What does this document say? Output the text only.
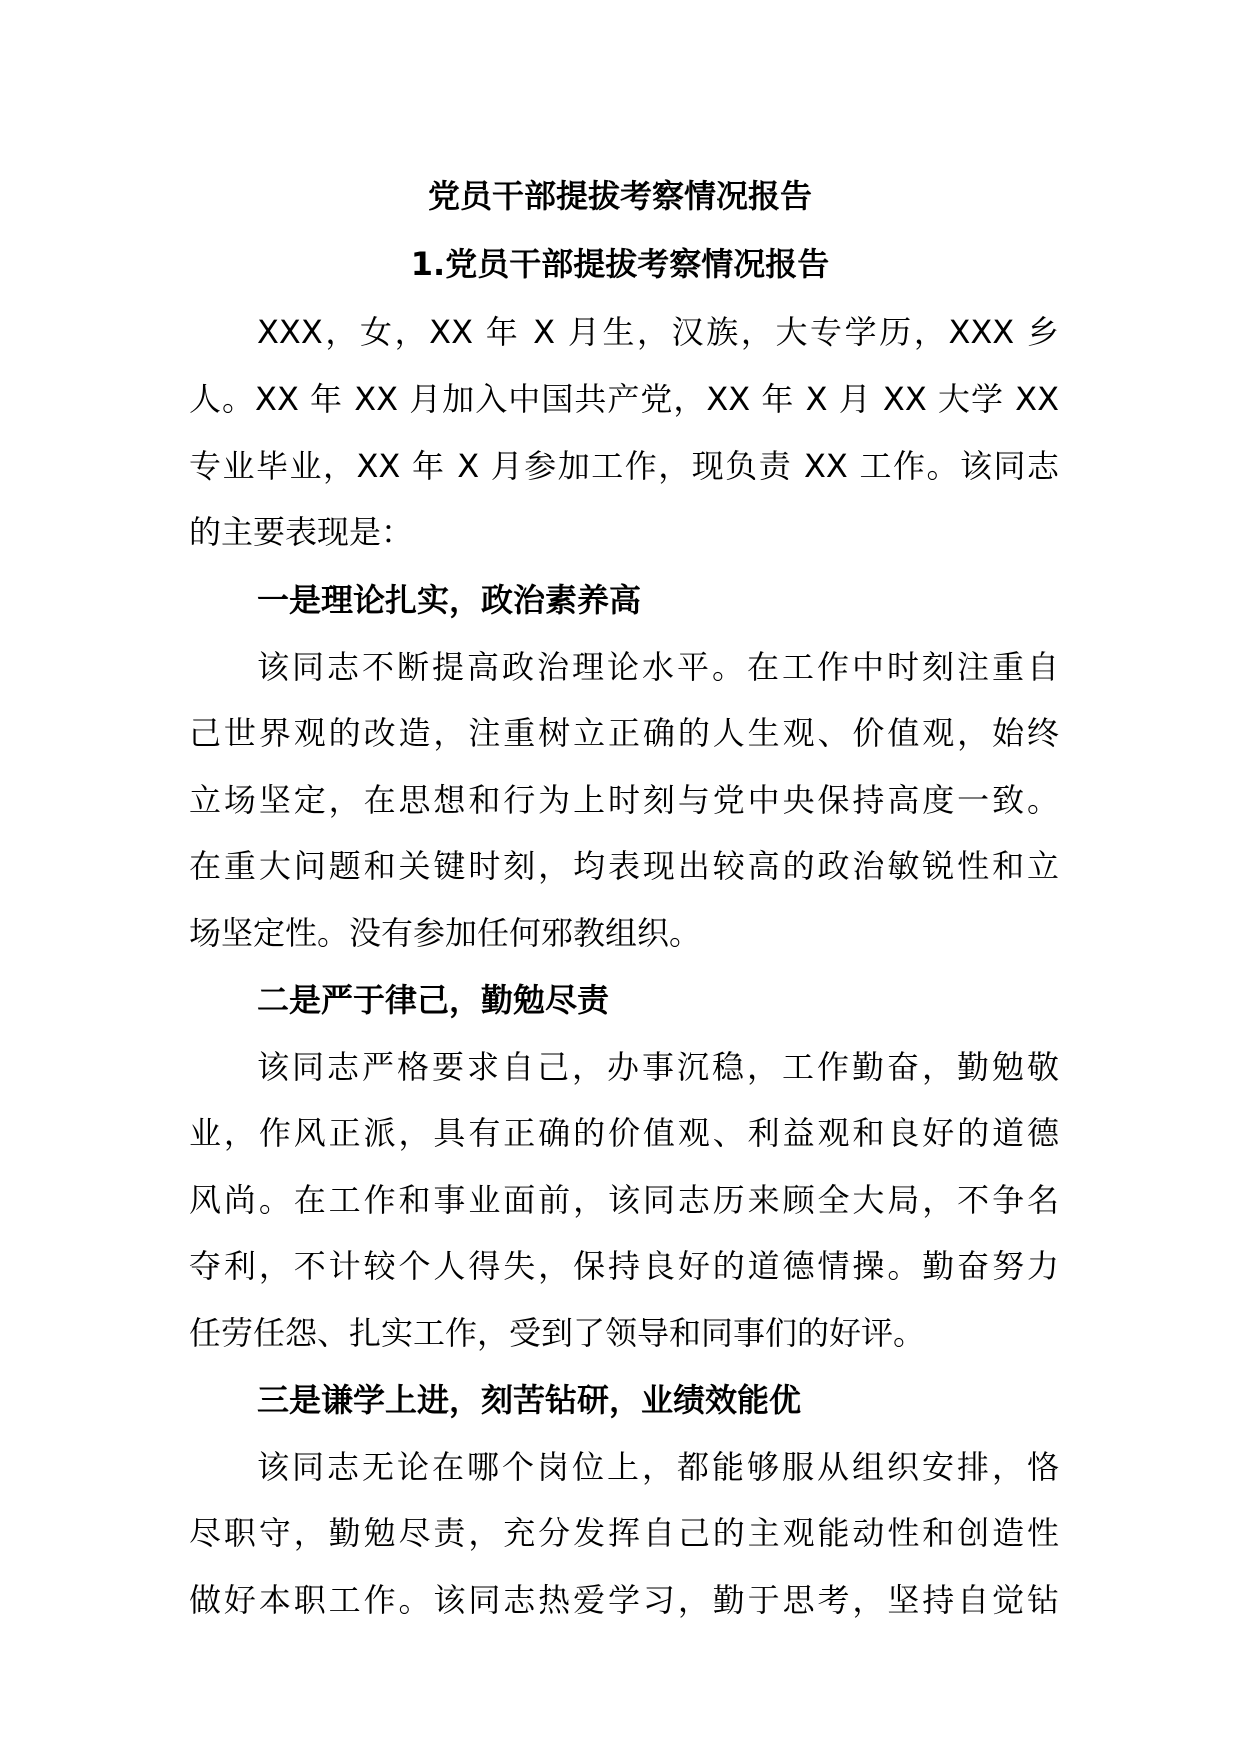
党员干部提拔考察情况报告
1.党员干部提拔考察情况报告

XXX，女，XX 年 X 月生，汉族，大专学历，XXX 乡

人。XX 年 XX 月加入中国共产党，XX 年 X 月 XX 大学 XX

专业毕业，XX 年 X 月参加工作，现负责 XX 工作。该同志

的主要表现是：

一是理论扎实，政治素养高

该同志不断提高政治理论水平。在工作中时刻注重自

己世界观的改造，注重树立正确的人生观、价值观，始终

立场坚定，在思想和行为上时刻与党中央保持高度一致。

在重大问题和关键时刻，均表现出较高的政治敏锐性和立

场坚定性。没有参加任何邪教组织。

二是严于律己，勤勉尽责

该同志严格要求自己，办事沉稳，工作勤奋，勤勉敬

业，作风正派，具有正确的价值观、利益观和良好的道德

风尚。在工作和事业面前，该同志历来顾全大局，不争名

夺利，不计较个人得失，保持良好的道德情操。勤奋努力

任劳任怨、扎实工作，受到了领导和同事们的好评。

三是谦学上进，刻苦钻研，业绩效能优

该同志无论在哪个岗位上，都能够服从组织安排，恪

尽职守，勤勉尽责，充分发挥自己的主观能动性和创造性

做好本职工作。该同志热爱学习，勤于思考，坚持自觉钻
